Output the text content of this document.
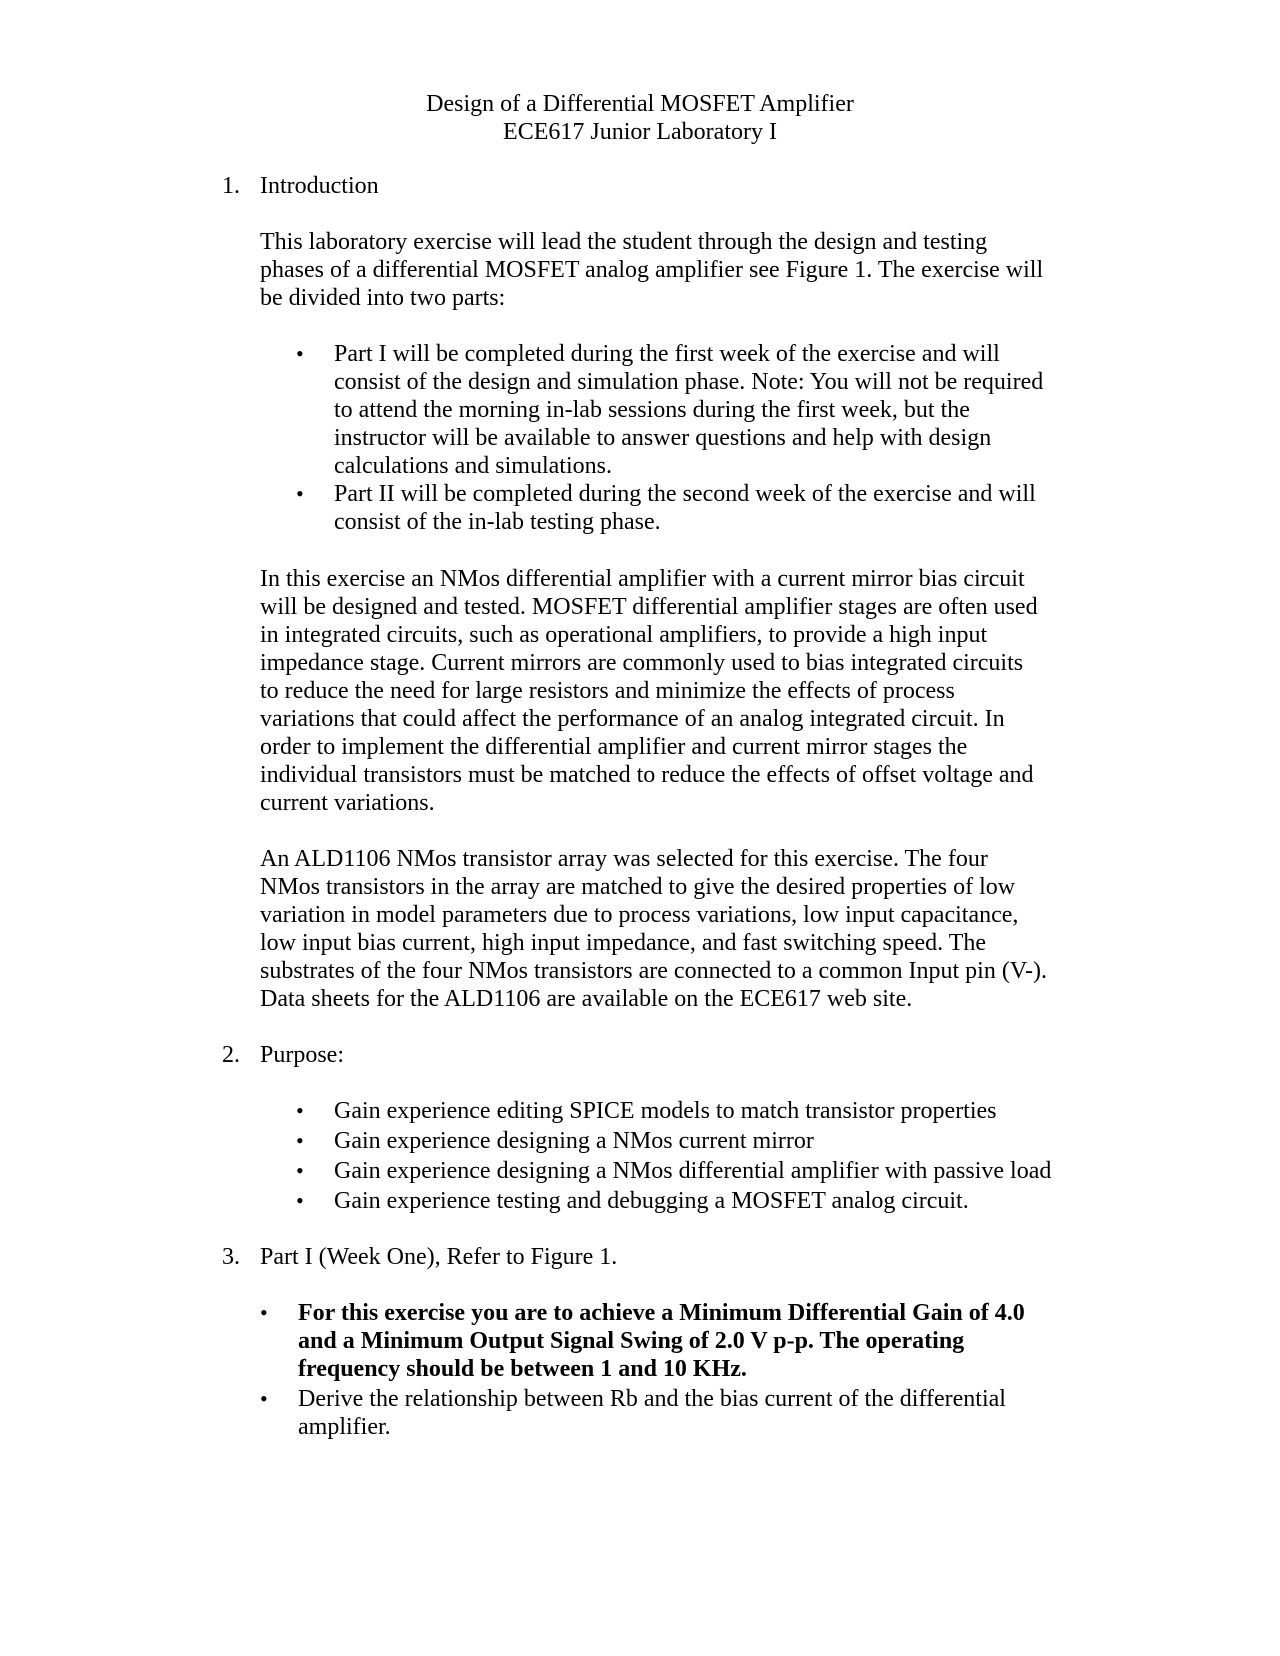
Design of a Differential MOSFET Amplifier
ECE617 Junior Laboratory I
1. Introduction
This laboratory exercise will lead the student through the design and testing
phases of a differential MOSFET analog amplifier see Figure 1. The exercise will
be divided into two parts:
• Part I will be completed during the first week of the exercise and will
consist of the design and simulation phase. Note: You will not be required
to attend the morning in-lab sessions during the first week, but the
instructor will be available to answer questions and help with design
calculations and simulations.
• Part II will be completed during the second week of the exercise and will
consist of the in-lab testing phase.
In this exercise an NMos differential amplifier with a current mirror bias circuit
will be designed and tested. MOSFET differential amplifier stages are often used
in integrated circuits, such as operational amplifiers, to provide a high input
impedance stage. Current mirrors are commonly used to bias integrated circuits
to reduce the need for large resistors and minimize the effects of process
variations that could affect the performance of an analog integrated circuit. In
order to implement the differential amplifier and current mirror stages the
individual transistors must be matched to reduce the effects of offset voltage and
current variations.
An ALD1106 NMos transistor array was selected for this exercise. The four
NMos transistors in the array are matched to give the desired properties of low
variation in model parameters due to process variations, low input capacitance,
low input bias current, high input impedance, and fast switching speed. The
substrates of the four NMos transistors are connected to a common Input pin (V-).
Data sheets for the ALD1106 are available on the ECE617 web site.
2. Purpose:
• Gain experience editing SPICE models to match transistor properties
• Gain experience designing a NMos current mirror
• Gain experience designing a NMos differential amplifier with passive load
• Gain experience testing and debugging a MOSFET analog circuit.
3. Part I (Week One), Refer to Figure 1.
• For this exercise you are to achieve a Minimum Differential Gain of 4.0
and a Minimum Output Signal Swing of 2.0 V p-p. The operating
frequency should be between 1 and 10 KHz.
• Derive the relationship between Rb and the bias current of the differential
amplifier.
